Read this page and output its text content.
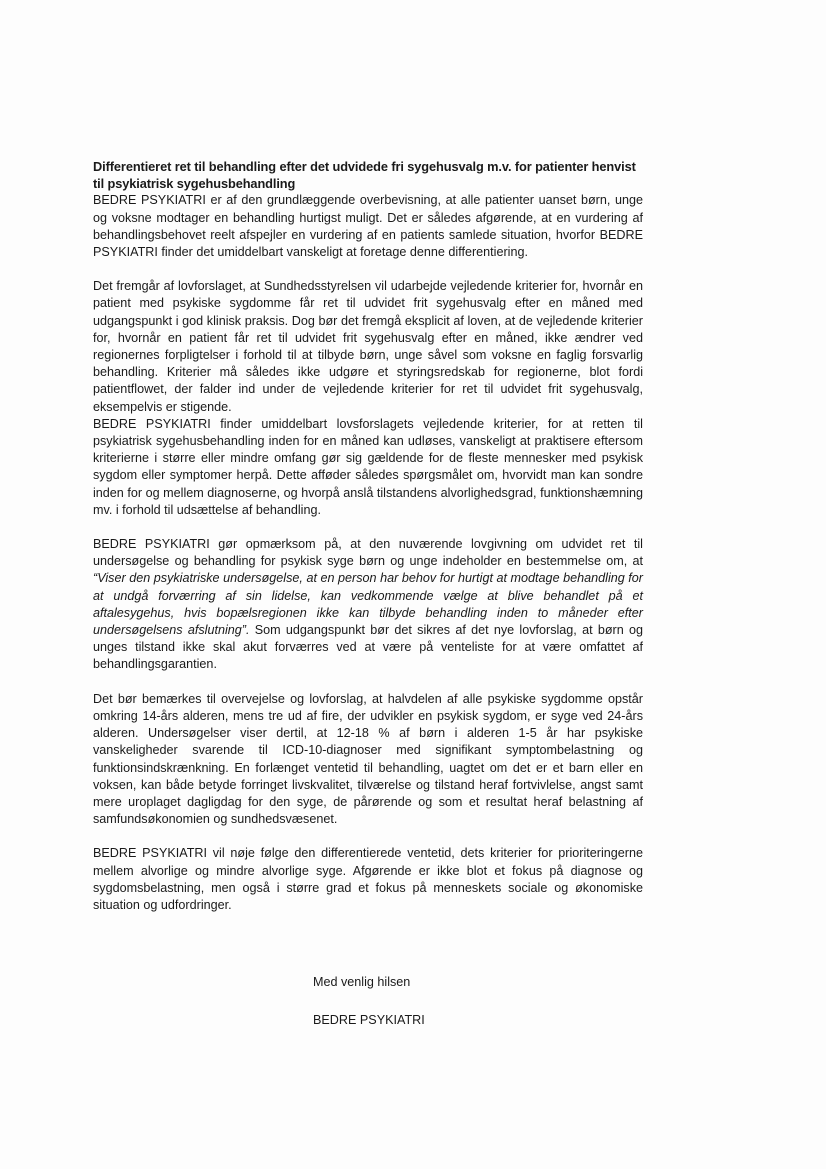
Differentieret ret til behandling efter det udvidede fri sygehusvalg m.v. for patienter henvist til psykiatrisk sygehusbehandling

BEDRE PSYKIATRI er af den grundlæggende overbevisning, at alle patienter uanset børn, unge og voksne modtager en behandling hurtigst muligt. Det er således afgørende, at en vurdering af behandlingsbehovet reelt afspejler en vurdering af en patients samlede situation, hvorfor BEDRE PSYKIATRI finder det umiddelbart vanskeligt at foretage denne differentiering.

Det fremgår af lovforslaget, at Sundhedsstyrelsen vil udarbejde vejledende kriterier for, hvornår en patient med psykiske sygdomme får ret til udvidet frit sygehusvalg efter en måned med udgangspunkt i god klinisk praksis. Dog bør det fremgå eksplicit af loven, at de vejledende kriterier for, hvornår en patient får ret til udvidet frit sygehusvalg efter en måned, ikke ændrer ved regionernes forpligtelser i forhold til at tilbyde børn, unge såvel som voksne en faglig forsvarlig behandling. Kriterier må således ikke udgøre et styringsredskab for regionerne, blot fordi patientflowet, der falder ind under de vejledende kriterier for ret til udvidet frit sygehusvalg, eksempelvis er stigende.

BEDRE PSYKIATRI finder umiddelbart lovsforslagets vejledende kriterier, for at retten til psykiatrisk sygehusbehandling inden for en måned kan udløses, vanskeligt at praktisere eftersom kriterierne i større eller mindre omfang gør sig gældende for de fleste mennesker med psykisk sygdom eller symptomer herpå. Dette afføder således spørgsmålet om, hvorvidt man kan sondre inden for og mellem diagnoserne, og hvorpå anslå tilstandens alvorlighedsgrad, funktionshæmning mv. i forhold til udsættelse af behandling.

BEDRE PSYKIATRI gør opmærksom på, at den nuværende lovgivning om udvidet ret til undersøgelse og behandling for psykisk syge børn og unge indeholder en bestemmelse om, at “Viser den psykiatriske undersøgelse, at en person har behov for hurtigt at modtage behandling for at undgå forværring af sin lidelse, kan vedkommende vælge at blive behandlet på et aftalesygehus, hvis bopælsregionen ikke kan tilbyde behandling inden to måneder efter undersøgelsens afslutning”. Som udgangspunkt bør det sikres af det nye lovforslag, at børn og unges tilstand ikke skal akut forværres ved at være på venteliste for at være omfattet af behandlingsgarantien.

Det bør bemærkes til overvejelse og lovforslag, at halvdelen af alle psykiske sygdomme opstår omkring 14-års alderen, mens tre ud af fire, der udvikler en psykisk sygdom, er syge ved 24-års alderen. Undersøgelser viser dertil, at 12-18 % af børn i alderen 1-5 år har psykiske vanskeligheder svarende til ICD-10-diagnoser med signifikant symptombelastning og funktionsindskrænkning. En forlænget ventetid til behandling, uagtet om det er et barn eller en voksen, kan både betyde forringet livskvalitet, tilværelse og tilstand heraf fortvivlelse, angst samt mere uroplaget dagligdag for den syge, de pårørende og som et resultat heraf belastning af samfundsøkonomien og sundhedsvæsenet.

BEDRE PSYKIATRI vil nøje følge den differentierede ventetid, dets kriterier for prioriteringerne mellem alvorlige og mindre alvorlige syge. Afgørende er ikke blot et fokus på diagnose og sygdomsbelastning, men også i større grad et fokus på menneskets sociale og økonomiske situation og udfordringer.

Med venlig hilsen
BEDRE PSYKIATRI
